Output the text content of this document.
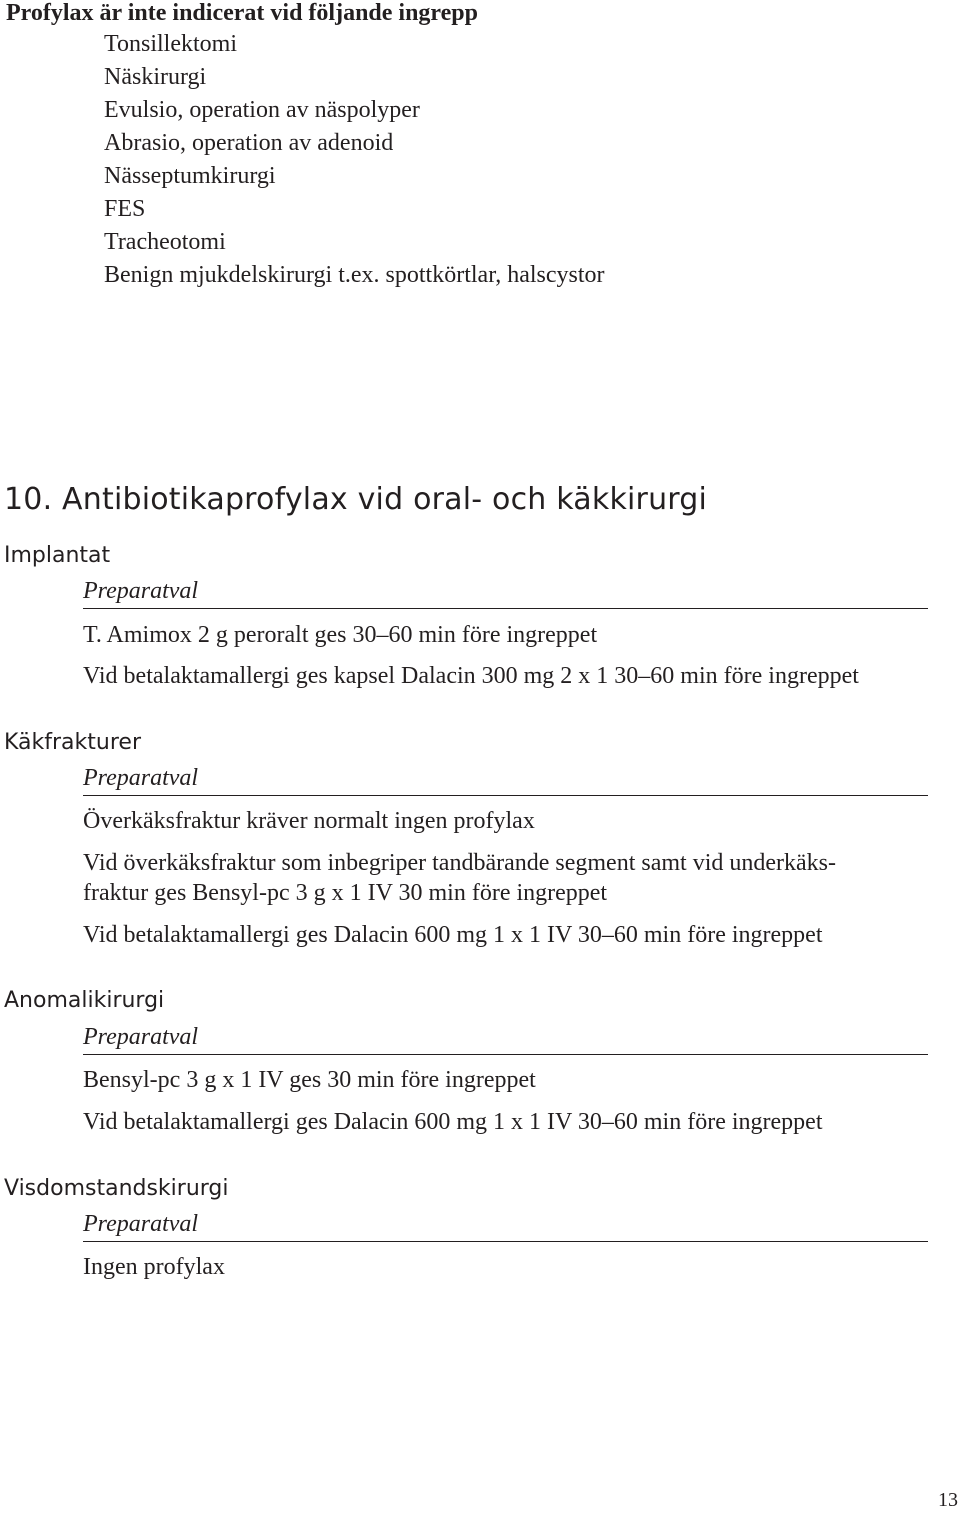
Profylax är inte indicerat vid följande ingrepp
Tonsillektomi
Näskirurgi
Evulsio, operation av näspolyper
Abrasio, operation av adenoid
Nässeptumkirurgi
FES
Tracheotomi
Benign mjukdelskirurgi t.ex. spottkörtlar, halscystor
10. Antibiotikaprofylax vid oral- och käkkirurgi
Implantat
Preparatval
T. Amimox 2 g peroralt ges 30–60 min före ingreppet
Vid betalaktamallergi ges kapsel Dalacin 300 mg 2 x 1 30–60 min före ingreppet
Käkfrakturer
Preparatval
Överkäksfraktur kräver normalt ingen profylax
Vid överkäksfraktur som inbegriper tandbärande segment samt vid underkäks-
fraktur ges Bensyl-pc 3 g x 1 IV 30 min före ingreppet
Vid betalaktamallergi ges Dalacin 600 mg 1 x 1 IV 30–60 min före ingreppet
Anomalikirurgi
Preparatval
Bensyl-pc 3 g x 1 IV ges 30 min före ingreppet
Vid betalaktamallergi ges Dalacin 600 mg 1 x 1 IV 30–60 min före ingreppet
Visdomstandskirurgi
Preparatval
Ingen profylax
13
